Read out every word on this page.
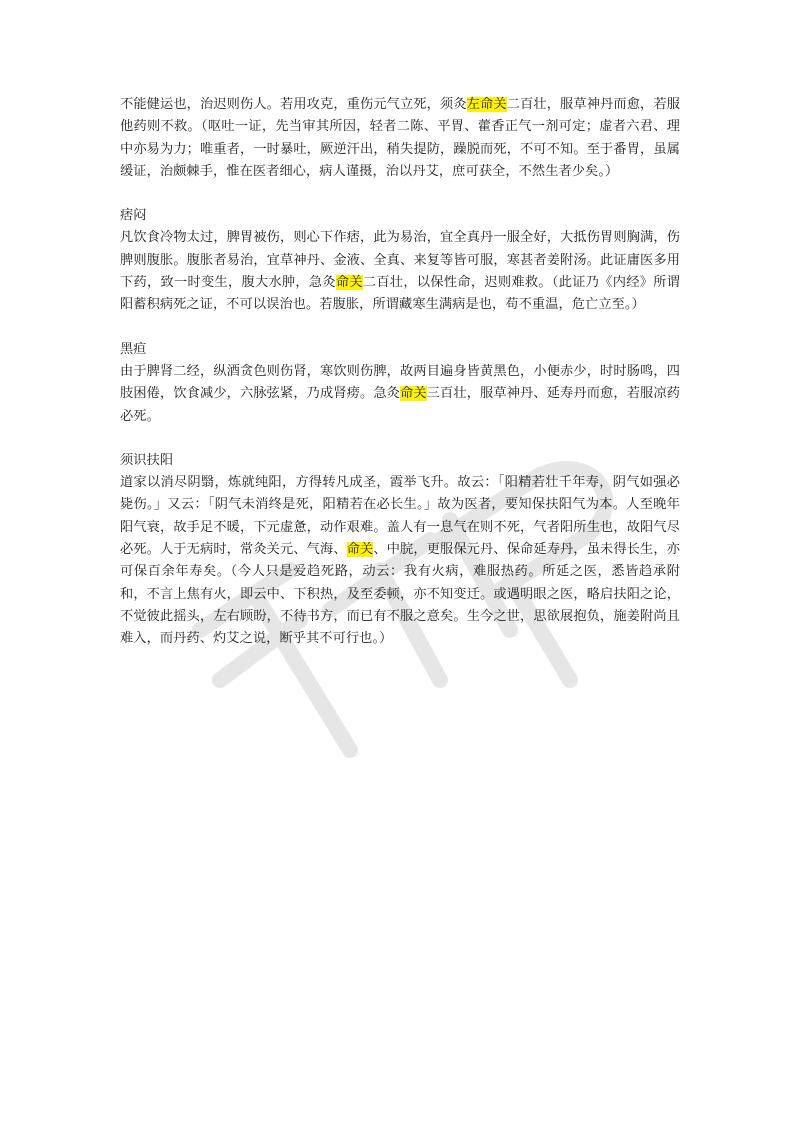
不能健运也，治迟则伤人。若用攻克，重伤元气立死，须灸左命关二百壮，服草神丹而愈，若服他药则不救。（呕吐一证，先当审其所因，轻者二陈、平胃、藿香正气一剂可定；虚者六君、理中亦易为力；唯重者，一时暴吐，厥逆汗出，稍失提防，躁脱而死，不可不知。至于番胃，虽属缓证，治颇棘手，惟在医者细心，病人谨摄，治以丹艾，庶可获全，不然生者少矣。）

痞闷

凡饮食冷物太过，脾胃被伤，则心下作痞，此为易治，宜全真丹一服全好，大抵伤胃则胸满，伤脾则腹胀。腹胀者易治，宜草神丹、金液、全真、来复等皆可服，寒甚者姜附汤。此证庸医多用下药，致一时变生，腹大水肿，急灸命关二百壮，以保性命，迟则难救。（此证乃《内经》所谓阳蓄积病死之证，不可以误治也。若腹胀，所谓藏寒生满病是也，苟不重温，危亡立至。）

黑疸

由于脾肾二经，纵酒贪色则伤肾，寒饮则伤脾，故两目遍身皆黄黑色，小便赤少，时时肠鸣，四肢困倦，饮食减少，六脉弦紧，乃成肾痨。急灸命关三百壮，服草神丹、延寿丹而愈，若服凉药必死。

须识扶阳

道家以消尽阴翳，炼就纯阳，方得转凡成圣，霞举飞升。故云：「阳精若壮千年寿，阴气如强必毙伤。」又云：「阴气未消终是死，阳精若在必长生。」故为医者，要知保扶阳气为本。人至晚年阳气衰，故手足不暖，下元虚惫，动作艰难。盖人有一息气在则不死，气者阳所生也，故阳气尽必死。人于无病时，常灸关元、气海、命关、中脘，更服保元丹、保命延寿丹，虽未得长生，亦可保百余年寿矣。（今人只是爱趋死路，动云：我有火病，难服热药。所延之医，悉皆趋承附和，不言上焦有火，即云中、下积热，及至委顿，亦不知变迁。或遇明眼之医，略启扶阳之论，不觉彼此摇头，左右顾盼，不待书方，而已有不服之意矣。生今之世，思欲展抱负，施姜附尚且难入，而丹药、灼艾之说，断乎其不可行也。）
